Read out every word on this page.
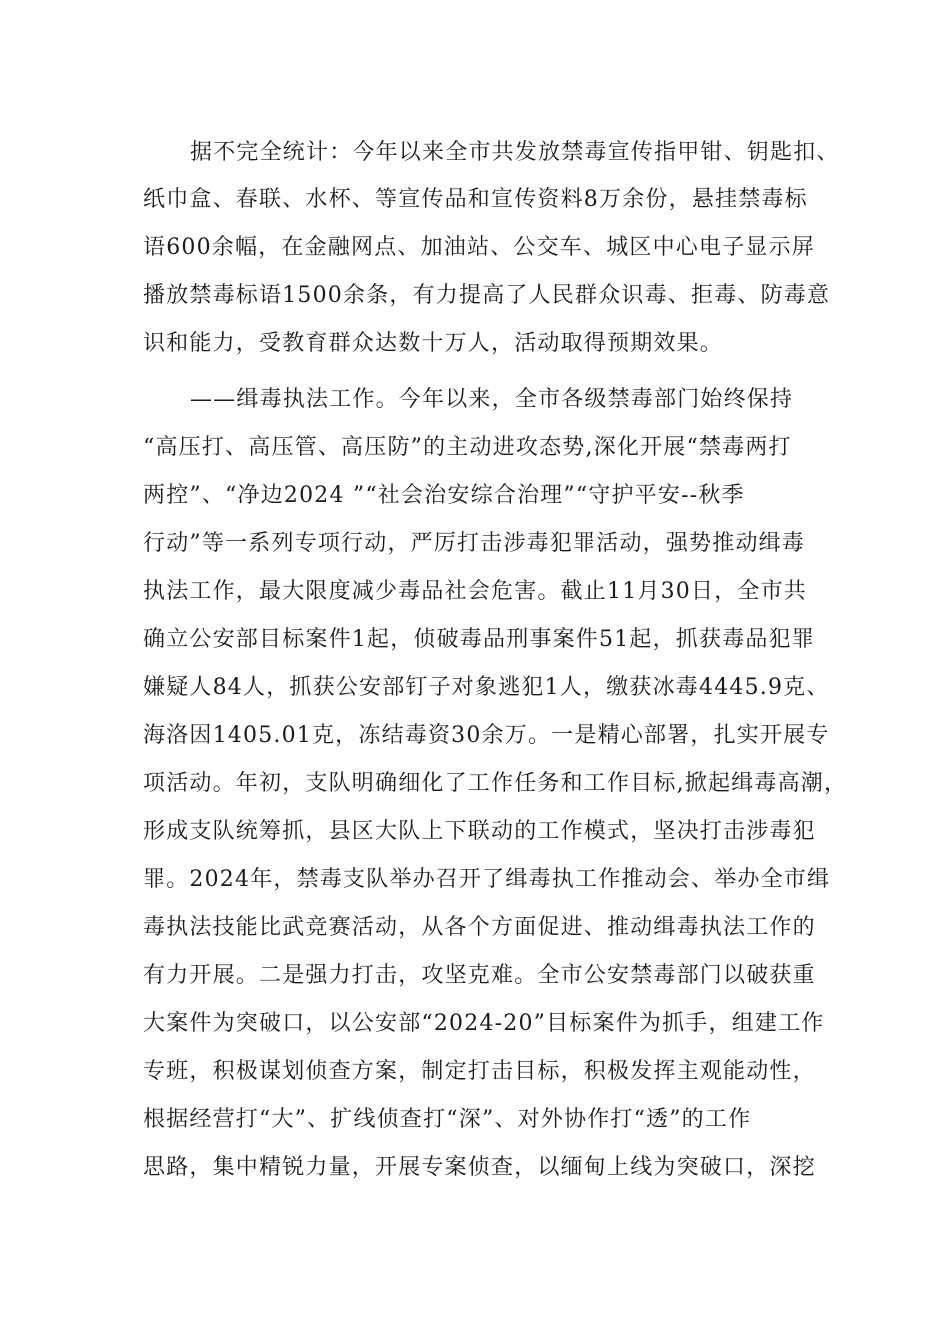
据不完全统计：今年以来全市共发放禁毒宣传指甲钳、钥匙扣、
纸巾盒、春联、水杯、等宣传品和宣传资料8万余份，悬挂禁毒标
语600余幅，在金融网点、加油站、公交车、城区中心电子显示屏
播放禁毒标语1500余条，有力提高了人民群众识毒、拒毒、防毒意
识和能力，受教育群众达数十万人，活动取得预期效果。
——缉毒执法工作。今年以来，全市各级禁毒部门始终保持
“高压打、高压管、高压防”的主动进攻态势,深化开展“禁毒两打
两控”、“净边2024 ”“社会治安综合治理”“守护平安--秋季
行动”等一系列专项行动，严厉打击涉毒犯罪活动，强势推动缉毒
执法工作，最大限度减少毒品社会危害。截止11月30日，全市共
确立公安部目标案件1起，侦破毒品刑事案件51起，抓获毒品犯罪
嫌疑人84人，抓获公安部钉子对象逃犯1人，缴获冰毒4445.9克、
海洛因1405.01克，冻结毒资30余万。一是精心部署，扎实开展专
项活动。年初，支队明确细化了工作任务和工作目标,掀起缉毒高潮，
形成支队统筹抓，县区大队上下联动的工作模式，坚决打击涉毒犯
罪。2024年，禁毒支队举办召开了缉毒执工作推动会、举办全市缉
毒执法技能比武竞赛活动，从各个方面促进、推动缉毒执法工作的
有力开展。二是强力打击，攻坚克难。全市公安禁毒部门以破获重
大案件为突破口，以公安部“2024-20”目标案件为抓手，组建工作
专班，积极谋划侦查方案，制定打击目标，积极发挥主观能动性，
根据经营打“大”、扩线侦查打“深”、对外协作打“透”的工作
思路，集中精锐力量，开展专案侦查，以缅甸上线为突破口，深挖
